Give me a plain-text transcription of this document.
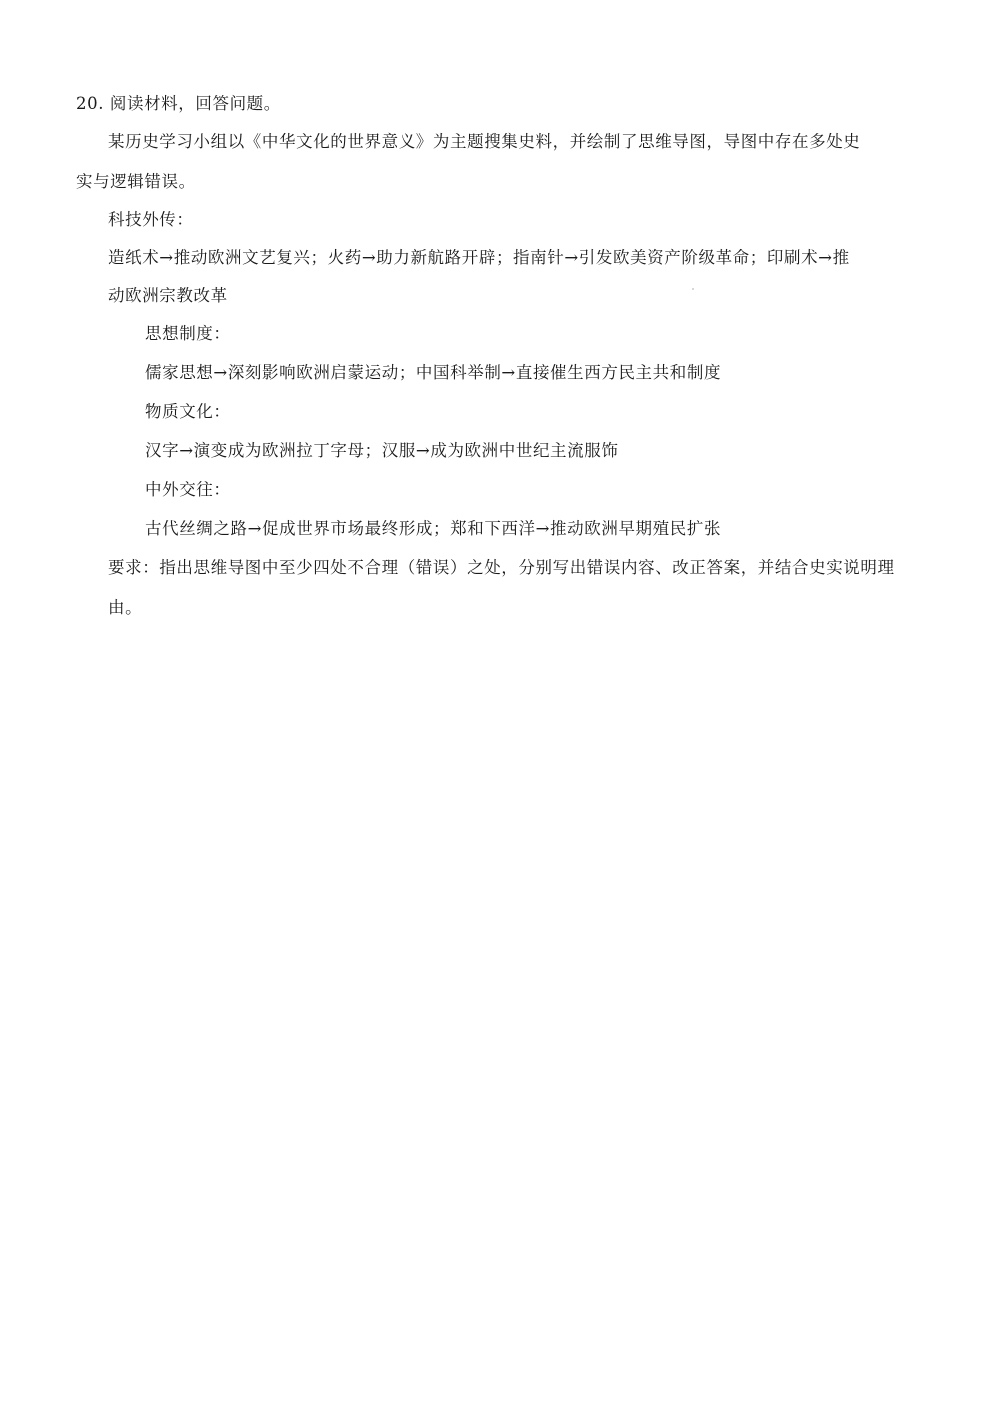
20. 阅读材料，回答问题。
某历史学习小组以《中华文化的世界意义》为主题搜集史料，并绘制了思维导图，导图中存在多处史
实与逻辑错误。
科技外传：
造纸术→推动欧洲文艺复兴；火药→助力新航路开辟；指南针→引发欧美资产阶级革命；印刷术→推
动欧洲宗教改革
思想制度：
儒家思想→深刻影响欧洲启蒙运动；中国科举制→直接催生西方民主共和制度
物质文化：
汉字→演变成为欧洲拉丁字母；汉服→成为欧洲中世纪主流服饰
中外交往：
古代丝绸之路→促成世界市场最终形成；郑和下西洋→推动欧洲早期殖民扩张
要求：指出思维导图中至少四处不合理（错误）之处，分别写出错误内容、改正答案，并结合史实说明理
由。
